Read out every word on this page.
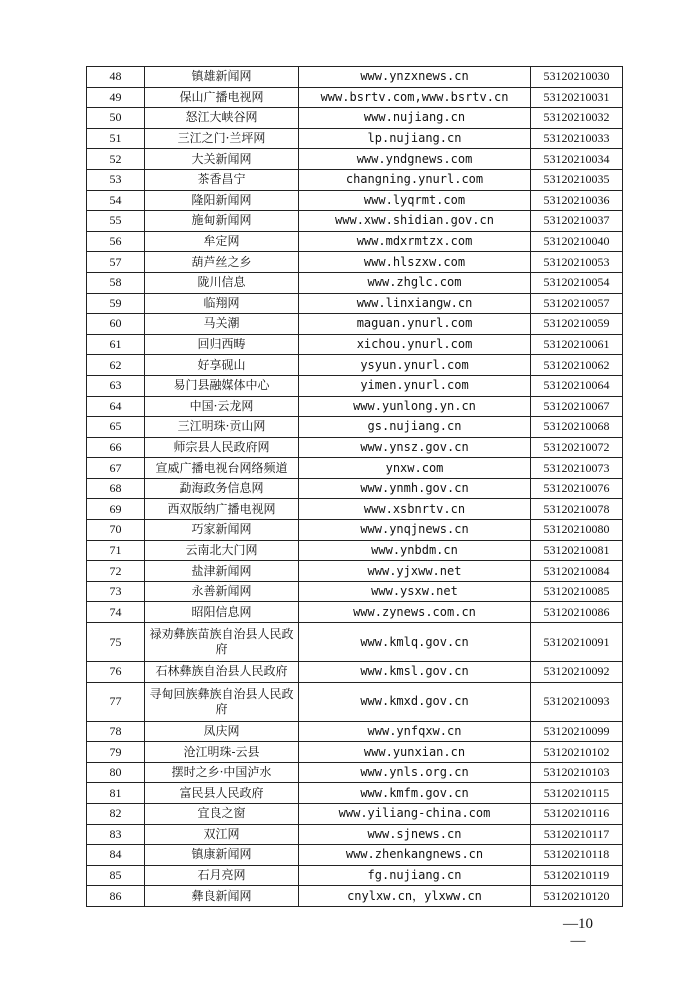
48	镇雄新闻网	www.ynzxnews.cn	53120210030
49	保山广播电视网	www.bsrtv.com,www.bsrtv.cn	53120210031
50	怒江大峡谷网	www.nujiang.cn	53120210032
51	三江之门·兰坪网	lp.nujiang.cn	53120210033
52	大关新闻网	www.yndgnews.com	53120210034
53	茶香昌宁	changning.ynurl.com	53120210035
54	隆阳新闻网	www.lyqrmt.com	53120210036
55	施甸新闻网	www.xww.shidian.gov.cn	53120210037
56	牟定网	www.mdxrmtzx.com	53120210040
57	葫芦丝之乡	www.hlszxw.com	53120210053
58	陇川信息	www.zhglc.com	53120210054
59	临翔网	www.linxiangw.cn	53120210057
60	马关潮	maguan.ynurl.com	53120210059
61	回归西畴	xichou.ynurl.com	53120210061
62	好享砚山	ysyun.ynurl.com	53120210062
63	易门县融媒体中心	yimen.ynurl.com	53120210064
64	中国·云龙网	www.yunlong.yn.cn	53120210067
65	三江明珠·贡山网	gs.nujiang.cn	53120210068
66	师宗县人民政府网	www.ynsz.gov.cn	53120210072
67	宣威广播电视台网络频道	ynxw.com	53120210073
68	勐海政务信息网	www.ynmh.gov.cn	53120210076
69	西双版纳广播电视网	www.xsbnrtv.cn	53120210078
70	巧家新闻网	www.ynqjnews.cn	53120210080
71	云南北大门网	www.ynbdm.cn	53120210081
72	盐津新闻网	www.yjxww.net	53120210084
73	永善新闻网	www.ysxw.net	53120210085
74	昭阳信息网	www.zynews.com.cn	53120210086
75	禄劝彝族苗族自治县人民政府	www.kmlq.gov.cn	53120210091
76	石林彝族自治县人民政府	www.kmsl.gov.cn	53120210092
77	寻甸回族彝族自治县人民政府	www.kmxd.gov.cn	53120210093
78	凤庆网	www.ynfqxw.cn	53120210099
79	沧江明珠-云县	www.yunxian.cn	53120210102
80	摆时之乡·中国泸水	www.ynls.org.cn	53120210103
81	富民县人民政府	www.kmfm.gov.cn	53120210115
82	宜良之窗	www.yiliang-china.com	53120210116
83	双江网	www.sjnews.cn	53120210117
84	镇康新闻网	www.zhenkangnews.cn	53120210118
85	石月亮网	fg.nujiang.cn	53120210119
86	彝良新闻网	cnylxw.cn，ylxww.cn	53120210120
—10—
